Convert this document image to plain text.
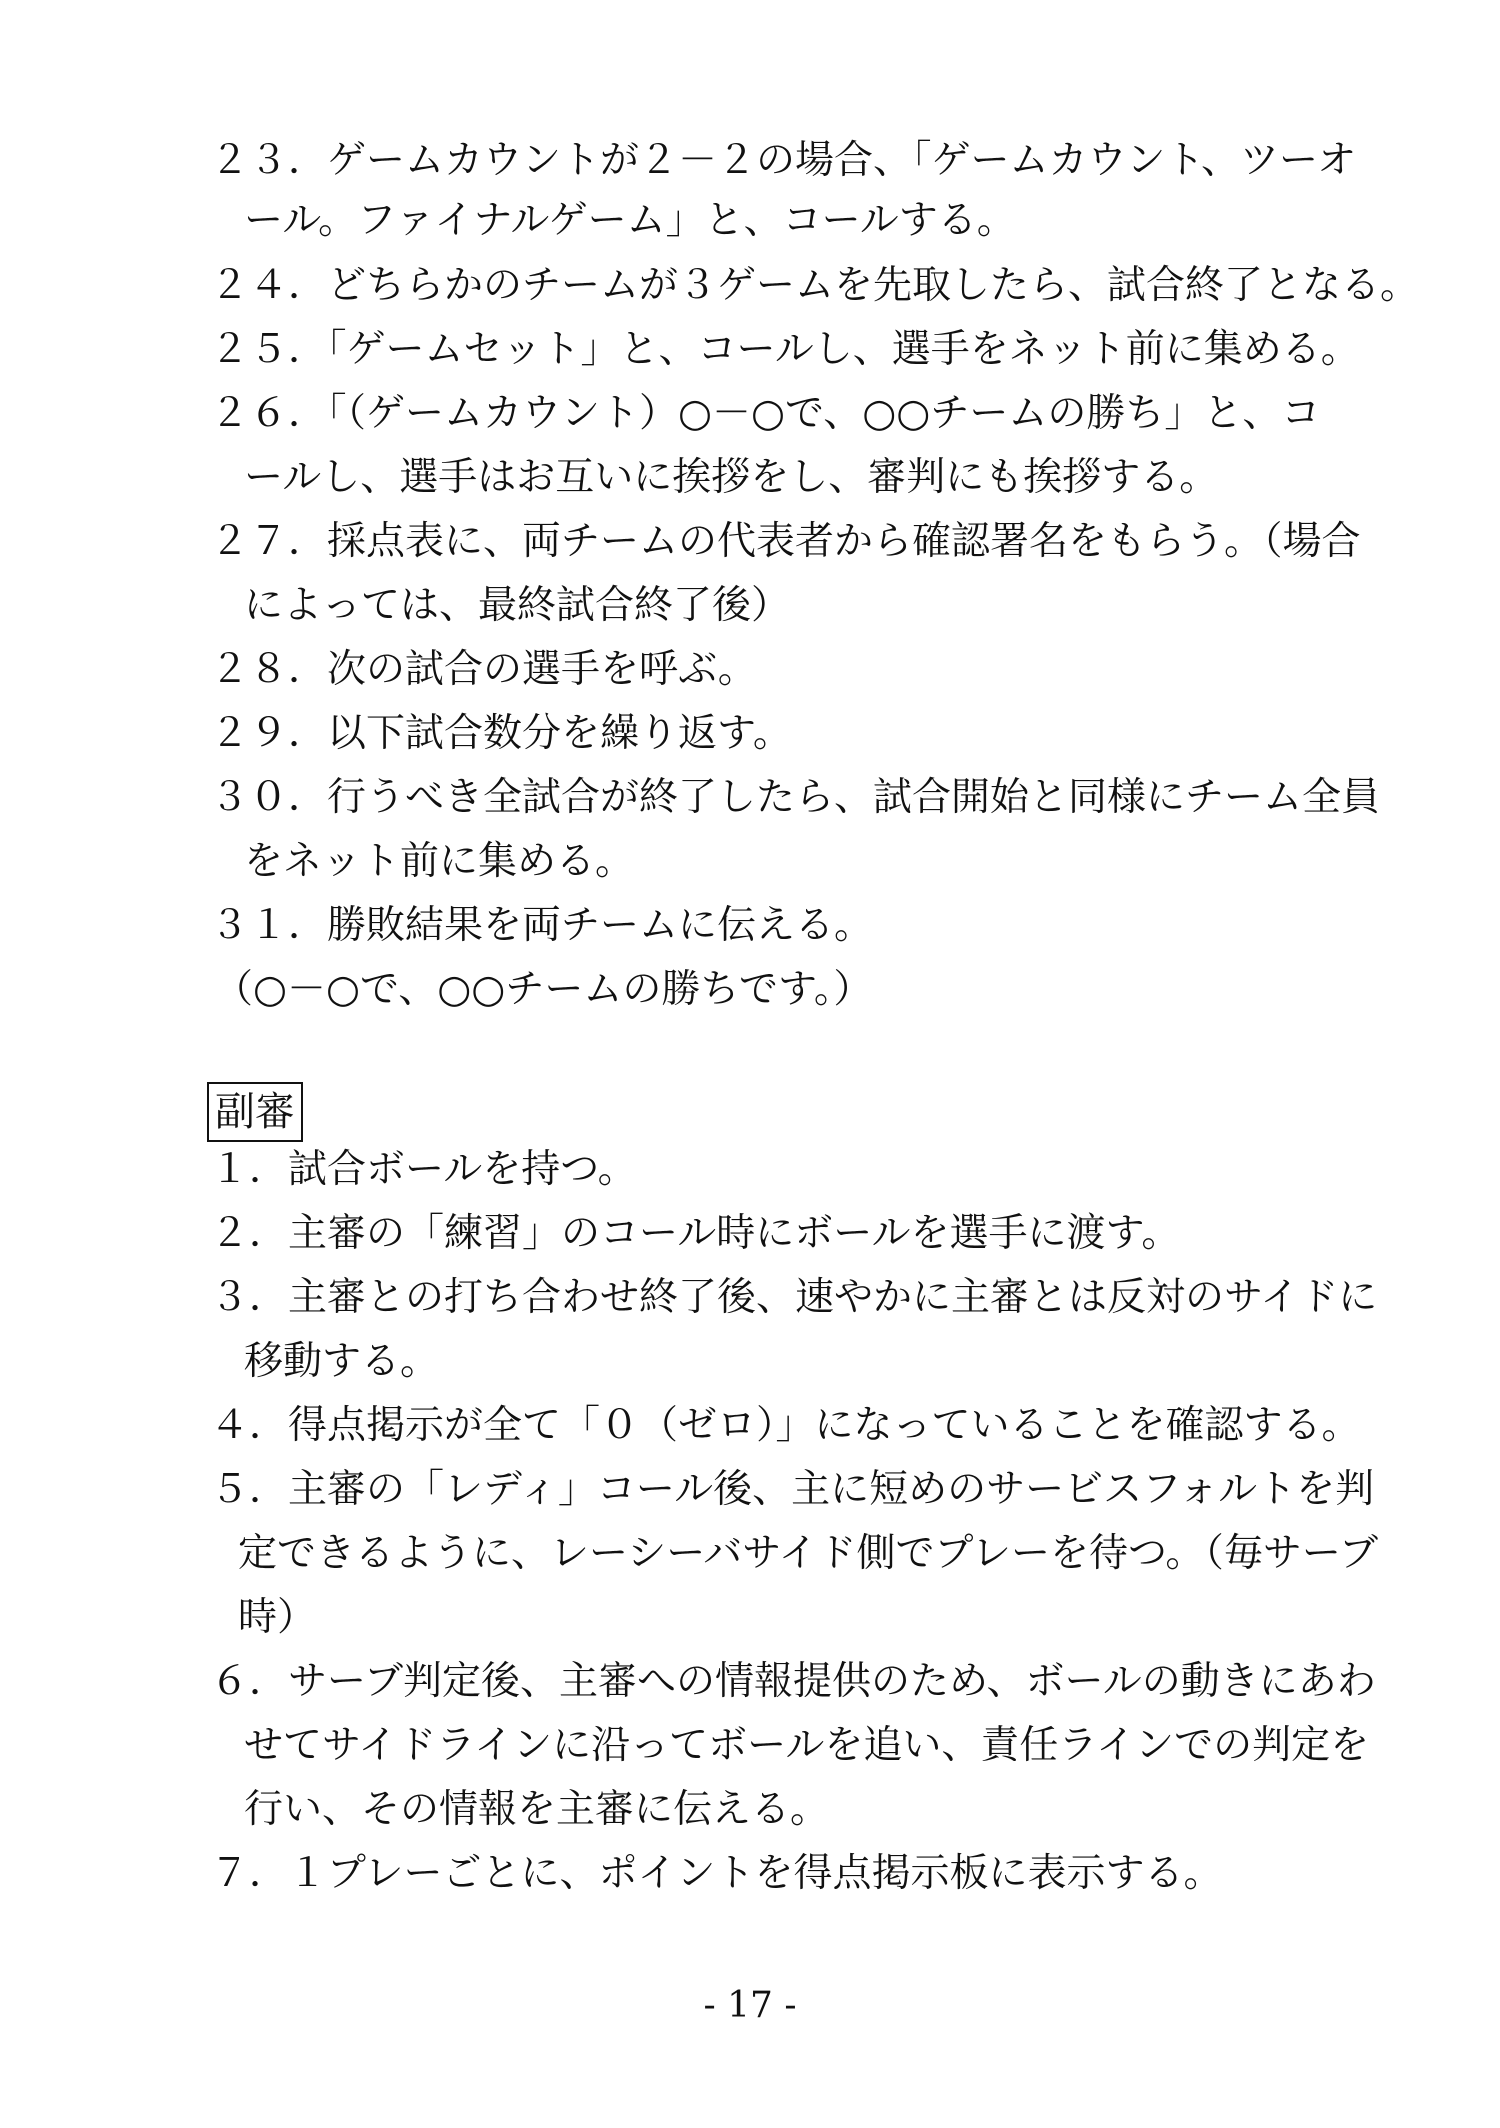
２３．ゲームカウントが２－２の場合、「ゲームカウント、ツーオ
ール。ファイナルゲーム」と、コールする。
２４．どちらかのチームが３ゲームを先取したら、試合終了となる。
２５．「ゲームセット」と、コールし、選手をネット前に集める。
２６．「（ゲームカウント）○－○で、○○チームの勝ち」と、コ
ールし、選手はお互いに挨拶をし、審判にも挨拶する。
２７．採点表に、両チームの代表者から確認署名をもらう。（場合
によっては、最終試合終了後）
２８．次の試合の選手を呼ぶ。
２９．以下試合数分を繰り返す。
３０．行うべき全試合が終了したら、試合開始と同様にチーム全員
をネット前に集める。
３１．勝敗結果を両チームに伝える。
（○－○で、○○チームの勝ちです。）
副審
１．試合ボールを持つ。
２．主審の「練習」のコール時にボールを選手に渡す。
３．主審との打ち合わせ終了後、速やかに主審とは反対のサイドに
移動する。
４．得点掲示が全て「０（ゼロ）」になっていることを確認する。
５．主審の「レディ」コール後、主に短めのサービスフォルトを判
定できるように、レーシーバサイド側でプレーを待つ。（毎サーブ
時）
６．サーブ判定後、主審への情報提供のため、ボールの動きにあわ
せてサイドラインに沿ってボールを追い、責任ラインでの判定を
行い、その情報を主審に伝える。
７．１プレーごとに、ポイントを得点掲示板に表示する。
- 17 -
